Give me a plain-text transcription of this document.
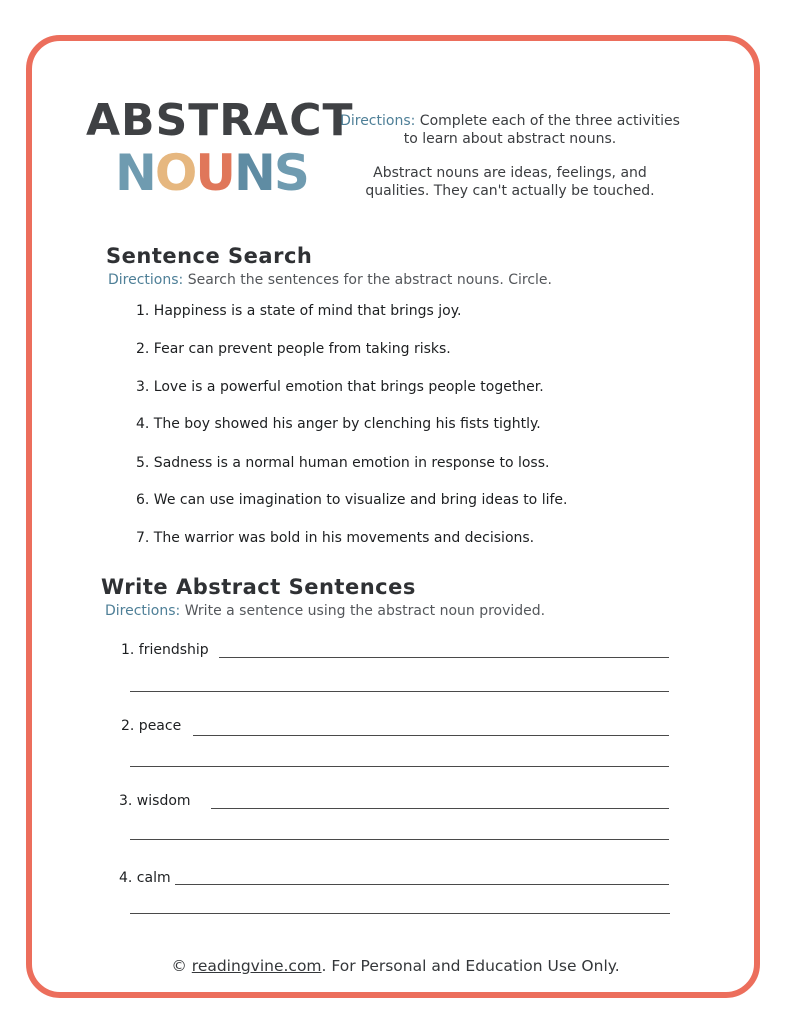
ABSTRACT
NOUNS
Directions: Complete each of the three activities to learn about abstract nouns.
Abstract nouns are ideas, feelings, and qualities. They can't actually be touched.
Sentence Search
Directions: Search the sentences for the abstract nouns. Circle.
1. Happiness is a state of mind that brings joy.
2. Fear can prevent people from taking risks.
3. Love is a powerful emotion that brings people together.
4. The boy showed his anger by clenching his fists tightly.
5. Sadness is a normal human emotion in response to loss.
6. We can use imagination to visualize and bring ideas to life.
7. The warrior was bold in his movements and decisions.
Write Abstract Sentences
Directions: Write a sentence using the abstract noun provided.
1. friendship
2. peace
3. wisdom
4. calm
© readingvine.com. For Personal and Education Use Only.
